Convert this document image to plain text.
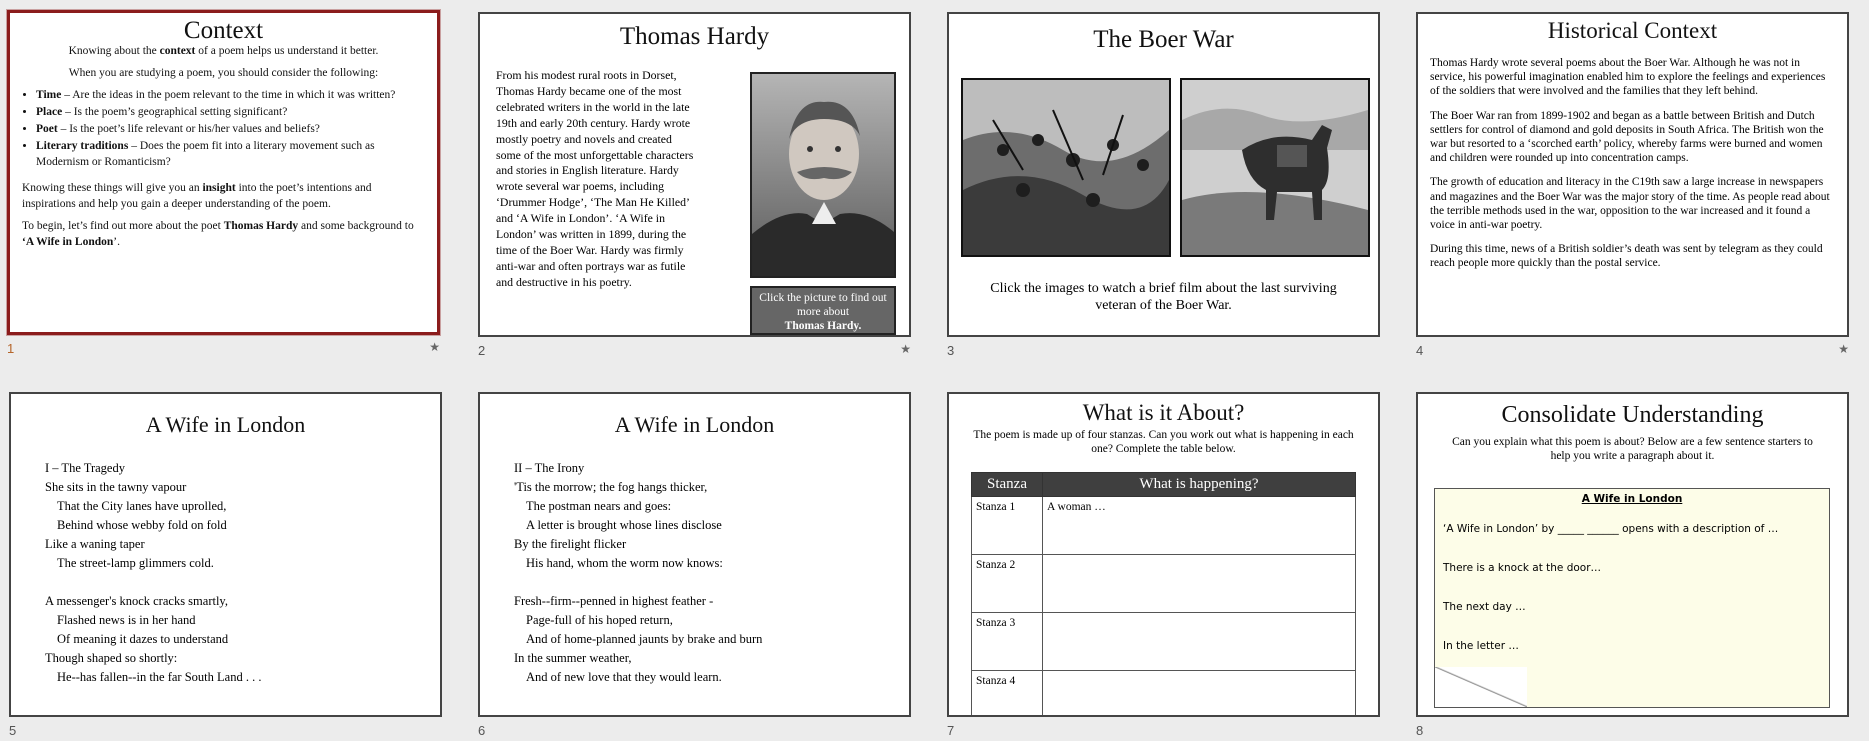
Context

Knowing about the context of a poem helps us understand it better.

When you are studying a poem, you should consider the following:

• Time – Are the ideas in the poem relevant to the time in which it was written?
• Place – Is the poem’s geographical setting significant?
• Poet – Is the poet’s life relevant or his/her values and beliefs?
• Literary traditions – Does the poem fit into a literary movement such as Modernism or Romanticism?

Knowing these things will give you an insight into the poet’s intentions and inspirations and help you gain a deeper understanding of the poem.

To begin, let’s find out more about the poet Thomas Hardy and some background to ‘A Wife in London’.

1	★
Thomas Hardy
From his modest rural roots in Dorset, Thomas Hardy became one of the most celebrated writers in the world in the late 19th and early 20th century. Hardy wrote mostly poetry and novels and created some of the most unforgettable characters and stories in English literature. Hardy wrote several war poems, including ‘Drummer Hodge’, ‘The Man He Killed’ and ‘A Wife in London’. ‘A Wife in London’ was written in 1899, during the time of the Boer War. Hardy was firmly anti-war and often portrays war as futile and destructive in his poetry.
Click the picture to find out more about
Thomas Hardy.
2	★
The Boer War
Click the images to watch a brief film about the last surviving veteran of the Boer War.
3
Historical Context

Thomas Hardy wrote several poems about the Boer War. Although he was not in service, his powerful imagination enabled him to explore the feelings and experiences of the soldiers that were involved and the families that they left behind.

The Boer War ran from 1899-1902 and began as a battle between British and Dutch settlers for control of diamond and gold deposits in South Africa. The British won the war but resorted to a ‘scorched earth’ policy, whereby farms were burned and women and children were rounded up into concentration camps.

The growth of education and literacy in the C19th saw a large increase in newspapers and magazines and the Boer War was the major story of the time. As people read about the terrible methods used in the war, opposition to the war increased and it found a voice in anti-war poetry.

During this time, news of a British soldier’s death was sent by telegram as they could reach people more quickly than the postal service.

4	★
A Wife in London
I – The Tragedy
She sits in the tawny vapour
That the City lanes have uprolled,
Behind whose webby fold on fold
Like a waning taper
The street-lamp glimmers cold.

A messenger's knock cracks smartly,
Flashed news is in her hand
Of meaning it dazes to understand
Though shaped so shortly:
He--has fallen--in the far South Land . . .
5
A Wife in London
II – The Irony
'Tis the morrow; the fog hangs thicker,
The postman nears and goes:
A letter is brought whose lines disclose
By the firelight flicker
His hand, whom the worm now knows:

Fresh--firm--penned in highest feather -
Page-full of his hoped return,
And of home-planned jaunts by brake and burn
In the summer weather,
And of new love that they would learn.
6
What is it About?
The poem is made up of four stanzas. Can you work out what is happening in each one? Complete the table below.
Stanza	What is happening?
Stanza 1	A woman …
Stanza 2	
Stanza 3	
Stanza 4	
7
Consolidate Understanding
Can you explain what this poem is about? Below are a few sentence starters to help you write a paragraph about it.
A Wife in London
‘A Wife in London’ by _____ ______ opens with a description of …
There is a knock at the door…
The next day …
In the letter …
8
